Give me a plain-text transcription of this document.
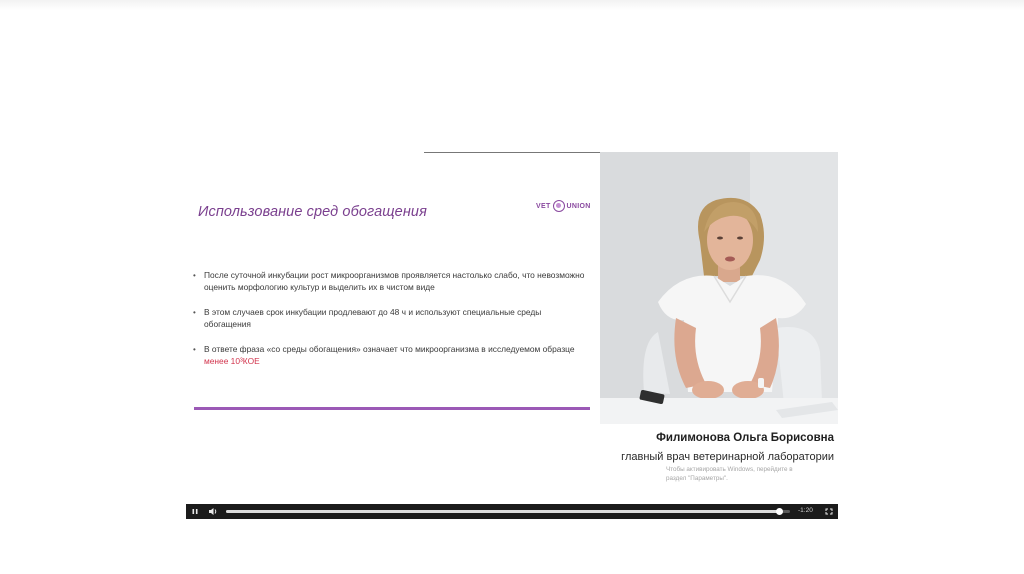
Использование сред обогащения	VET UNION
• После суточной инкубации рост микроорганизмов проявляется настолько слабо, что невозможно оценить морфологию культур и выделить их в чистом виде
• В этом случаев срок инкубации продлевают до 48 ч и используют специальные среды обогащения
• В ответе фраза «со среды обогащения» означает что микроорганизма в исследуемом образце менее 10³КОЕ
Чтобы активировать Windows, перейдите в
раздел "Параметры".
Филимонова Ольга Борисовна
главный врач ветеринарной лаборатории
-1:20
